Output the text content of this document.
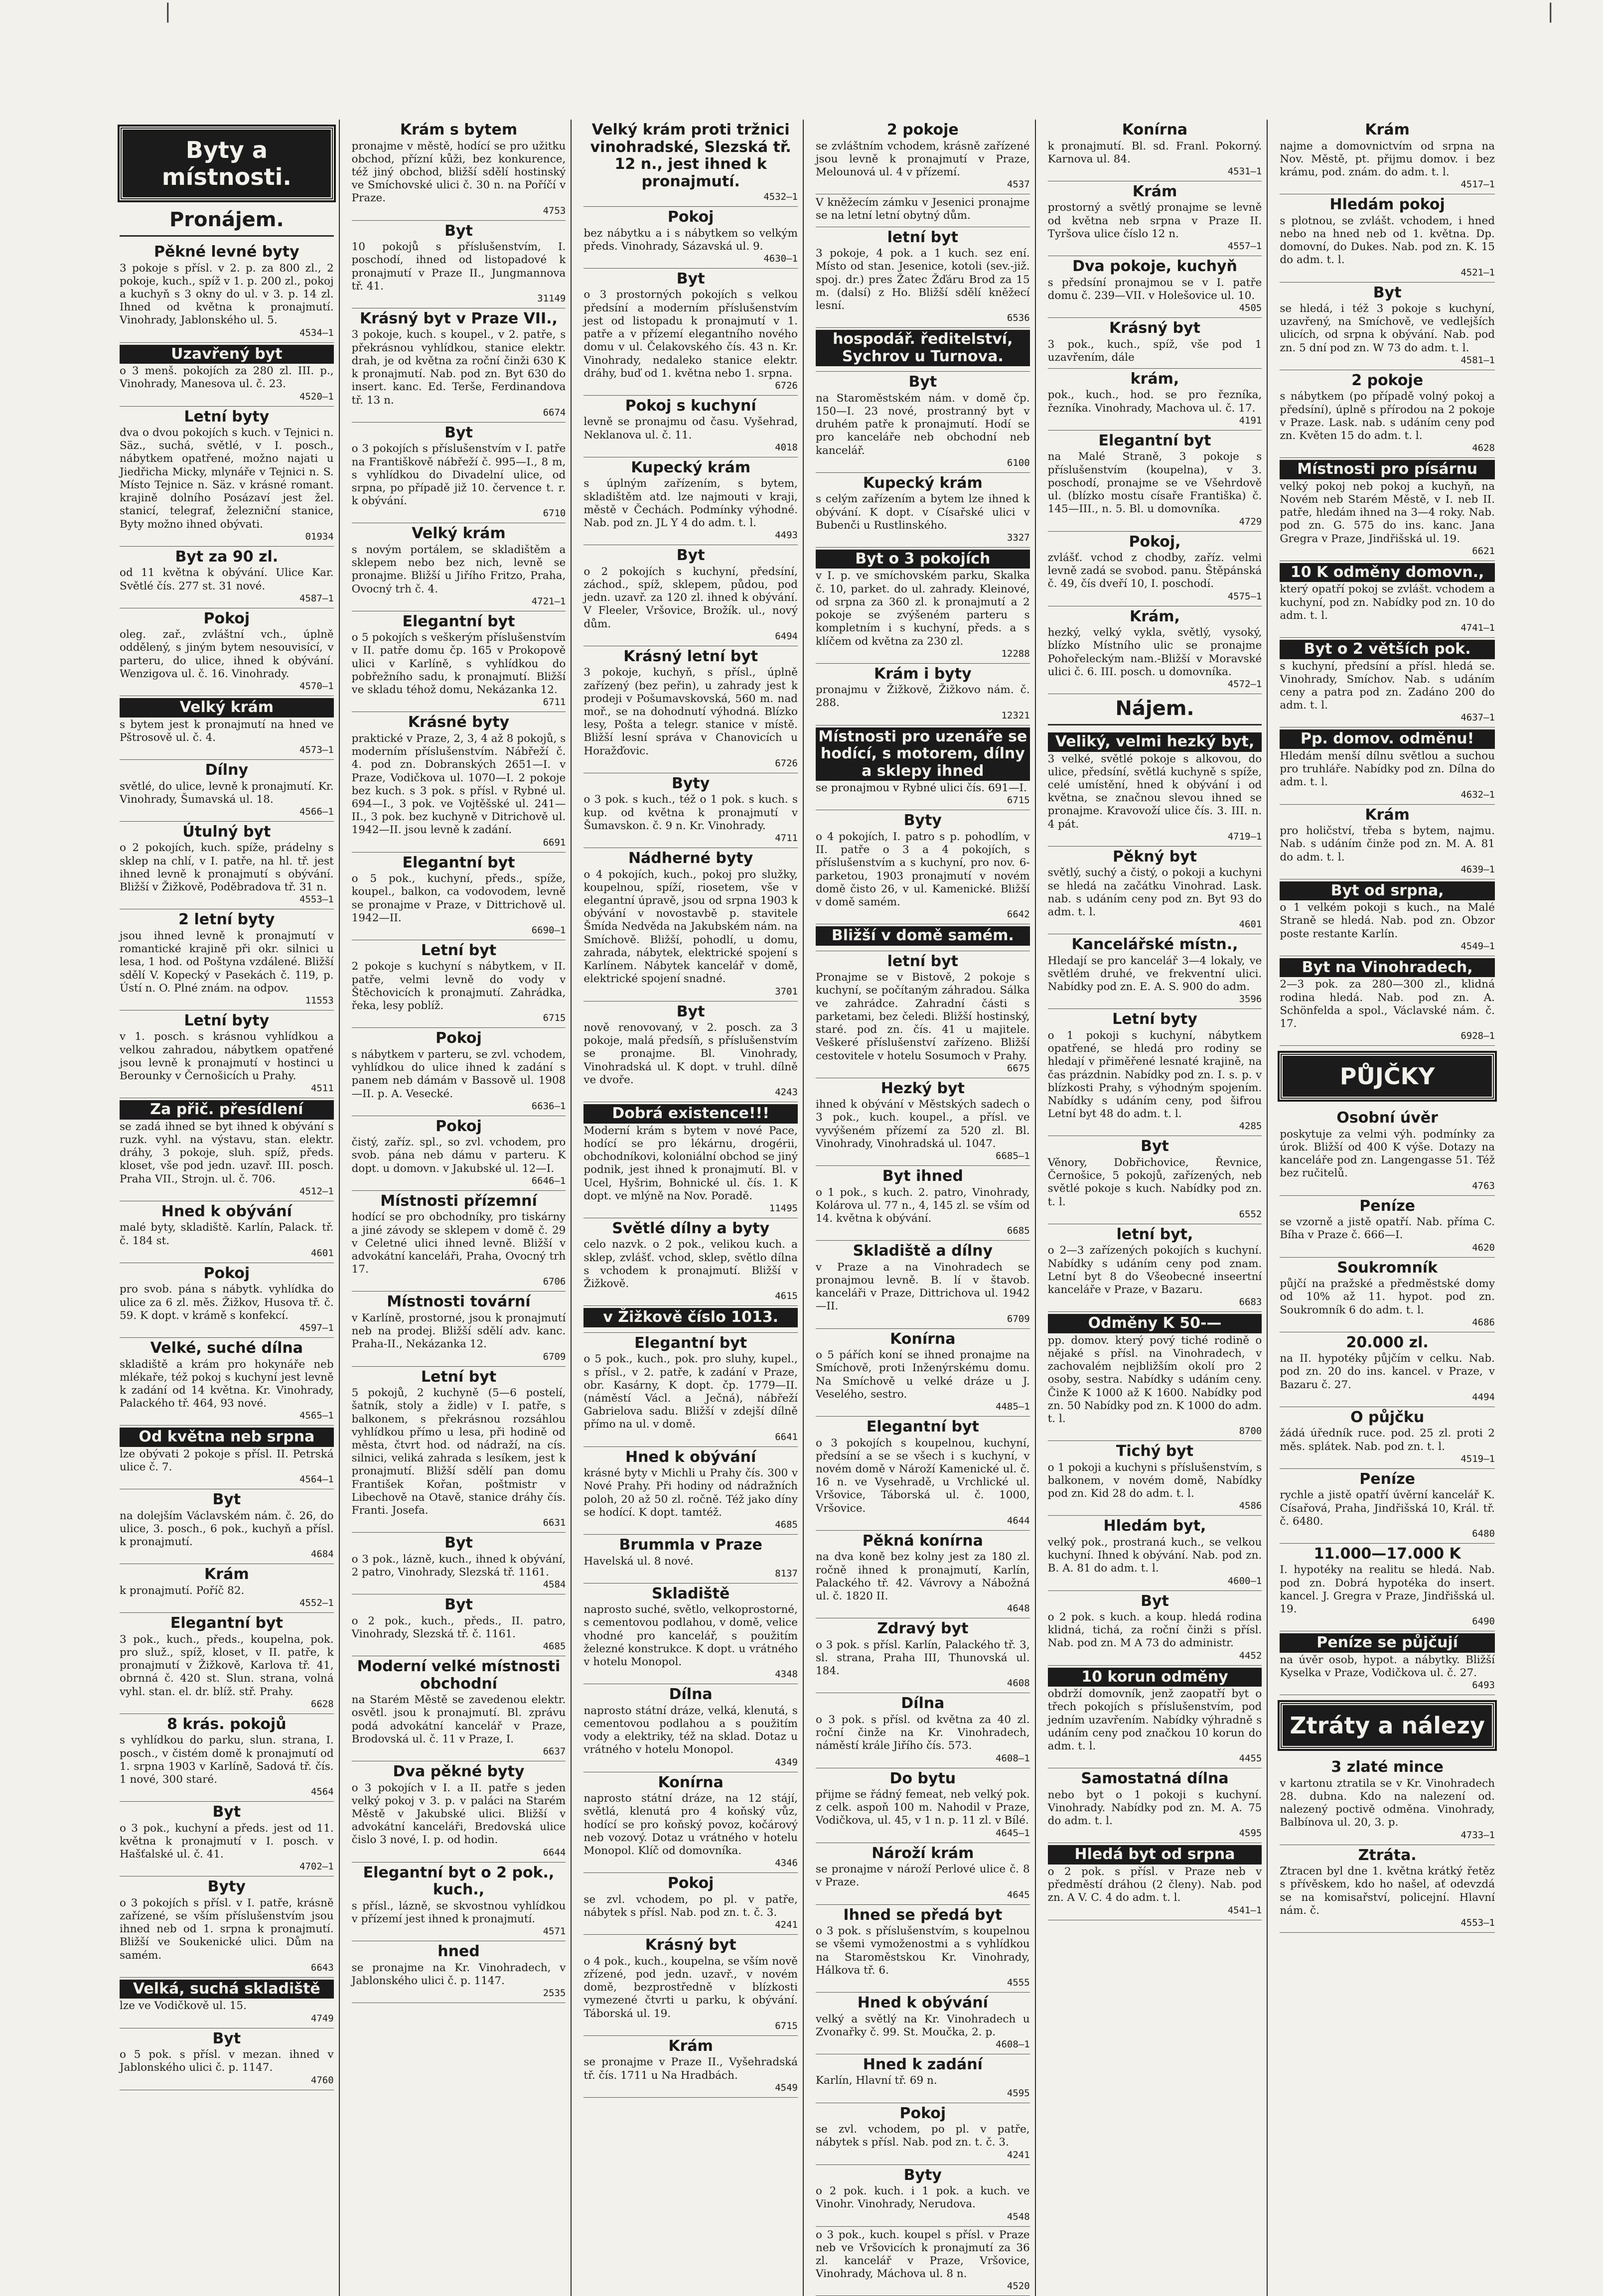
|	|
Byty a místnosti.
Pronájem.
Pěkné levné byty
3 pokoje s přísl. v 2. p. za 800 zl., 2 pokoje, kuch., spíž v 1. p. 200 zl., pokoj a kuchyň s 3 okny do ul. v 3. p. 14 zl. Ihned od května k pronajmutí. Vinohrady, Jablonského ul. 5.
4534—1
Uzavřený byt
o 3 menš. pokojích za 280 zl. III. p., Vinohrady, Manesova ul. č. 23.
4520—1
Letní byty
dva o dvou pokojích s kuch. v Tejnici n. Säz., suchá, světlé, v I. posch., nábytkem opatřené, možno najati u Jiedřicha Micky, mlynáře v Tejnici n. S. Místo Tejnice n. Säz. v krásné romant. krajině dolního Posázaví jest žel. stanicí, telegraf, železniční stanice, Byty možno ihned obývati.
01934
Byt za 90 zl.
od 11 května k obývání. Ulice Kar. Světlé čís. 277 st. 31 nové.
4587—1
Pokoj
oleg. zař., zvláštní vch., úplně oddělený, s jiným bytem nesouvisící, v parteru, do ulice, ihned k obývání. Wenzigova ul. č. 16. Vinohrady.
4570—1
Velký krám
s bytem jest k pronajmutí na hned ve Pštrosově ul. č. 4.
4573—1
Dílny
světlé, do ulice, levně k pronajmutí. Kr. Vinohrady, Šumavská ul. 18.
4566—1
Útulný byt
o 2 pokojích, kuch. spíže, prádelny s sklep na chlí, v I. patře, na hl. tř. jest ihned levně k pronajmutí s obývání. Bližší v Žižkově, Poděbradova tř. 31 n.
4553—1
2 letní byty
jsou ihned levně k pronajmutí v romantické krajině při okr. silnici u lesa, 1 hod. od Poštyna vzdálené. Bližší sdělí V. Kopecký v Pasekách č. 119, p. Ústí n. O. Plné znám. na odpov.
11553
Letní byty
v 1. posch. s krásnou vyhlídkou a velkou zahradou, nábytkem opatřené jsou levně k pronajmutí v hostinci u Berounky v Černošicích u Prahy.
4511
Za přič. přesídlení
se zadá ihned se byt ihned k obývání s ruzk. vyhl. na výstavu, stan. elektr. dráhy, 3 pokoje, sluh. spíž, předs. kloset, vše pod jedn. uzavř. III. posch. Praha VII., Strojn. ul. č. 706.
4512—1
Hned k obývání
malé byty, skladiště. Karlín, Palack. tř. č. 184 st.
4601
Pokoj
pro svob. pána s nábytk. vyhlídka do ulice za 6 zl. měs. Žižkov, Husova tř. č. 59. K dopt. v krámě s konfekcí.
4597—1
Velké, suché dílna
skladiště a krám pro hokynáře neb mlékaře, též pokoj s kuchyní jest levně k zadání od 14 května. Kr. Vinohrady, Palackého tř. 464, 93 nové.
4565—1
Od května neb srpna
lze obývati 2 pokoje s přísl. II. Petrská ulice č. 7.
4564—1
Byt
na dolejším Václavském nám. č. 26, do ulice, 3. posch., 6 pok., kuchyň a přísl. k pronajmutí.
4684
Krám
k pronajmutí. Poříč 82.
4552—1
Elegantní byt
3 pok., kuch., předs., koupelna, pok. pro služ., spíž, kloset, v II. patře, k pronajmutí v Žižkově, Karlova tř. 41, obrnná č. 420 st. Slun. strana, volná vyhl. stan. el. dr. blíž. stř. Prahy.
6628
8 krás. pokojů
s vyhlídkou do parku, slun. strana, I. posch., v čistém domě k pronajmutí od 1. srpna 1903 v Karlíně, Sadová tř. čís. 1 nové, 300 staré.
4564
Byt
o 3 pok., kuchyní a předs. jest od 11. května k pronajmutí v I. posch. v Hašťalské ul. č. 41.
4702—1
Byty
o 3 pokojích s přísl. v I. patře, krásně zařízené, se vším příslušenstvím jsou ihned neb od 1. srpna k pronajmutí. Bližší ve Soukenické ulici. Dům na samém.
6643
Velká, suchá skladiště
lze ve Vodičkově ul. 15.
4749
Byt
o 5 pok. s přísl. v mezan. ihned v Jablonského ulici č. p. 1147.
4760
Krám s bytem
pronajme v městě, hodící se pro užitku obchod, přízní kůži, bez konkurence, též jiný obchod, bližší sdělí hostinský ve Smíchovské ulici č. 30 n. na Poříčí v Praze.
4753
Byt
10 pokojů s příslušenstvím, I. poschodí, ihned od listopadové k pronajmutí v Praze II., Jungmannova tř. 41.
31149
Krásný byt v Praze VII.,
3 pokoje, kuch. s koupel., v 2. patře, s překrásnou vyhlídkou, stanice elektr. drah, je od května za roční činži 630 K k pronajmutí. Nab. pod zn. Byt 630 do insert. kanc. Ed. Terše, Ferdinandova tř. 13 n.
6674
Byt
o 3 pokojích s příslušenstvím v I. patře na Františkově nábřeží č. 995—I., 8 m, s vyhlídkou do Divadelní ulice, od srpna, po případě již 10. července t. r. k obývání.
6710
Velký krám
s novým portálem, se skladištěm a sklepem nebo bez nich, levně se pronajme. Bližší u Jiřího Fritzo, Praha, Ovocný trh č. 4.
4721—1
Elegantní byt
o 5 pokojích s veškerým příslušenstvím v II. patře domu čp. 165 v Prokopově ulici v Karlíně, s vyhlídkou do pobřežního sadu, k pronajmutí. Bližší ve skladu téhož domu, Nekázanka 12.
6711
Krásné byty
praktické v Praze, 2, 3, 4 až 8 pokojů, s moderním příslušenstvím. Nábřeží č. 4. pod zn. Dobranských 2651—I. v Praze, Vodičkova ul. 1070—I. 2 pokoje bez kuch. s 3 pok. s přísl. v Rybné ul. 694—I., 3 pok. ve Vojtěšské ul. 241—II., 3 pok. bez kuchyně v Ditrichově ul. 1942—II. jsou levně k zadání.
6691
Elegantní byt
o 5 pok., kuchyní, předs., spíže, koupel., balkon, ca vodovodem, levně se pronajme v Praze, v Dittrichově ul. 1942—II.
6690—1
Letní byt
2 pokoje s kuchyní s nábytkem, v II. patře, velmi levně do vody v Štěchovicích k pronajmutí. Zahrádka, řeka, lesy poblíž.
6715
Pokoj
s nábytkem v parteru, se zvl. vchodem, vyhlídkou do ulice ihned k zadání s panem neb dámám v Bassově ul. 1908—II. p. A. Vesecké.
6636—1
Pokoj
čistý, zaříz. spl., so zvl. vchodem, pro svob. pána neb dámu v parteru. K dopt. u domovn. v Jakubské ul. 12—I.
6646—1
Místnosti přízemní
hodící se pro obchodníky, pro tiskárny a jiné závody se sklepem v domě č. 29 v Celetné ulici ihned levně. Bližší v advokátní kanceláři, Praha, Ovocný trh 17.
6706
Místnosti tovární
v Karlíně, prostorné, jsou k pronajmutí neb na prodej. Bližší sdělí adv. kanc. Praha-II., Nekázanka 12.
6709
Letní byt
5 pokojů, 2 kuchyně (5—6 postelí, šatník, stoly a židle) v I. patře, s balkonem, s překrásnou rozsáhlou vyhlídkou přímo u lesa, při hodině od města, čtvrt hod. od nádraží, na cís. silnici, veliká zahrada s lesíkem, jest k pronajmutí. Bližší sdělí pan domu František Kořan, poštmistr v Libechově na Otavě, stanice dráhy čís. Franti. Josefa.
6631
Byt
o 3 pok., lázně, kuch., ihned k obývání, 2 patro, Vinohrady, Slezská tř. 1161.
4584
Byt
o 2 pok., kuch., předs., II. patro, Vinohrady, Slezská tř. č. 1161.
4685
Moderní velké místnosti obchodní
na Starém Městě se zavedenou elektr. osvětl. jsou k pronajmutí. Bl. zprávu podá advokátní kancelář v Praze, Brodovská ul. č. 11 v Praze, I.
6637
Dva pěkné byty
o 3 pokojích v I. a II. patře s jeden velký pokoj v 3. p. v paláci na Starém Městě v Jakubské ulici. Bližší v advokátní kanceláři, Bredovská ulice čislo 3 nové, I. p. od hodin.
6644
Elegantní byt o 2 pok., kuch.,
s přísl., lázně, se skvostnou vyhlídkou v přízemí jest ihned k pronajmutí.
4571
hned
se pronajme na Kr. Vinohradech, v Jablonského ulici č. p. 1147.
2535
Velký krám proti tržnici vinohradské, Slezská tř. 12 n., jest ihned k pronajmutí.
4532—1
Pokoj
bez nábytku a i s nábytkem so velkým předs. Vinohrady, Sázavská ul. 9.
4630—1
Byt
o 3 prostorných pokojích s velkou předsíní a moderním příslušenstvím jest od listopadu k pronajmutí v 1. patře a v přízemí elegantního nového domu v ul. Čelakovského čís. 43 n. Kr. Vinohrady, nedaleko stanice elektr. dráhy, buď od 1. května nebo 1. srpna.
6726
Pokoj s kuchyní
levně se pronajmu od času. Vyšehrad, Neklanova ul. č. 11.
4018
Kupecký krám
s úplným zařízením, s bytem, skladištěm atd. lze najmouti v kraji, městě v Čechách. Podmínky výhodné. Nab. pod zn. JL Y 4 do adm. t. l.
4493
Byt
o 2 pokojích s kuchyní, předsíní, záchod., spíž, sklepem, půdou, pod jedn. uzavř. za 120 zl. ihned k obývání. V Fleeler, Vršovice, Brožík. ul., nový dům.
6494
Krásný letní byt
3 pokoje, kuchyň, s přísl., úplně zařízený (bez peřin), u zahrady jest k prodeji v Pošumavskovská, 560 m. nad moř., se na dohodnutí výhodná. Blízko lesy, Pošta a telegr. stanice v místě. Bližší lesní správa v Chanovicích u Horažďovic.
6726
Byty
o 3 pok. s kuch., též o 1 pok. s kuch. s kup. od května k pronajmutí v Šumavskon. č. 9 n. Kr. Vinohrady.
4711
Nádherné byty
o 4 pokojích, kuch., pokoj pro služky, koupelnou, spíží, riosetem, vše v elegantní úpravě, jsou od srpna 1903 k obývání v novostavbě p. stavitele Šmída Nedvěda na Jakubském nám. na Smíchově. Bližší, pohodlí, u domu, zahrada, nábytek, elektrické spojení s Karlínem. Nábytek kancelář v domě, elektrické spojení snadné.
3701
Byt
nově renovovaný, v 2. posch. za 3 pokoje, malá předsíň, s příslušenstvím se pronajme. Bl. Vinohrady, Vinohradská ul. K dopt. v truhl. dílně ve dvoře.
4243
Dobrá existence!!!
Moderní krám s bytem v nové Pace, hodící se pro lékárnu, drogérii, obchodníkovi, koloniální obchod se jiný podnik, jest ihned k pronajmutí. Bl. v Ucel, Hyšrim, Bohnické ul. čís. 1. K dopt. ve mlýně na Nov. Poradě.
11495
Světlé dílny a byty
celo nazvk. o 2 pok., velikou kuch. a sklep, zvlášť. vchod, sklep, světlo dílna s vchodem k pronajmutí. Bližší v Žižkově.
4615
v Žižkově číslo 1013.
Elegantní byt
o 5 pok., kuch., pok. pro sluhy, kupel., s přísl., v 2. patře, k zadání v Praze, obr. Kasárny, K dopt. čp. 1779—II. (náměstí Václ. a Ječná), nábřeží Gabrielova sadu. Bližší v zdejší dílně přímo na ul. v domě.
6641
Hned k obývání
krásné byty v Michli u Prahy čís. 300 v Nové Prahy. Při hodiny od nádražních poloh, 20 až 50 zl. ročně. Též jako díny se hodící. K dopt. tamtéž.
4685
Brummla v Praze
Havelská ul. 8 nové.
8137
Skladiště
naprosto suché, světlo, velkoprostorné, s cementovou podlahou, v domě, velice vhodné pro kancelář, s použitím železné konstrukce. K dopt. u vrátného v hotelu Monopol.
4348
Dílna
naprosto státní dráze, velká, klenutá, s cementovou podlahou a s použitím vody a elektriky, též na sklad. Dotaz u vrátného v hotelu Monopol.
4349
Konírna
naprosto státní dráze, na 12 stájí, světlá, klenutá pro 4 koňský vůz, hodící se pro koňský povoz, kočárový neb vozový. Dotaz u vrátného v hotelu Monopol. Klíč od domovníka.
4346
Pokoj
se zvl. vchodem, po pl. v patře, nábytek s přísl. Nab. pod zn. t. č. 3.
4241
Krásný byt
o 4 pok., kuch., koupelna, se vším nově zřízené, pod jedn. uzavř., v novém domě, bezprostředně v blízkosti vymezené čtvrti u parku, k obývání. Táborská ul. 19.
6715
Krám
se pronajme v Praze II., Vyšehradská tř. čís. 1711 u Na Hradbách.
4549
2 pokoje
se zvláštním vchodem, krásně zařízené jsou levně k pronajmutí v Praze, Melounová ul. 4 v přízemí.
4537
V kněžecím zámku v Jesenici pronajme se na letní letní obytný dům.
letní byt
3 pokoje, 4 pok. a 1 kuch. sez ení. Místo od stan. Jesenice, kotoli (sev.-již. spoj. dr.) pres Žatec Žďáru Brod za 15 m. (dalsí) z Ho. Bližší sdělí kněžecí lesní.
6536
hospodář. ředitelství, Sychrov u Turnova.
Byt
na Staroměstském nám. v domě čp. 150—I. 23 nové, prostranný byt v druhém patře k pronajmutí. Hodí se pro kanceláře neb obchodní neb kancelář.
6100
Kupecký krám
s celým zařízením a bytem lze ihned k obývání. K dopt. v Císařské ulici v Bubenči u Rustlinského.
3327
Byt o 3 pokojích
v I. p. ve smíchovském parku, Skalka č. 10, parket. do ul. zahrady. Kleinové, od srpna za 360 zl. k pronajmutí a 2 pokoje se zvýšeném parteru s kompletním i s kuchyní, předs. a s klíčem od května za 230 zl.
12288
Krám i byty
pronajmu v Žižkově, Žižkovo nám. č. 288.
12321
Místnosti pro uzenáře se hodící, s motorem, dílny a sklepy ihned
se pronajmou v Rybné ulici čís. 691—I.
6715
Byty
o 4 pokojích, I. patro s p. pohodlím, v II. patře o 3 a 4 pokojích, s příslušenstvím a s kuchyní, pro nov. 6-parketou, 1903 pronajmutí v novém domě čisto 26, v ul. Kamenické. Bližší v domě samém.
6642
Bližší v domě samém.
letní byt
Pronajme se v Bistově, 2 pokoje s kuchyní, se počítaným záhradou. Sálka ve zahrádce. Zahradní části s parketami, bez čeledi. Bližší hostinský, staré. pod zn. čís. 41 u majitele. Veškeré příslušenství zařízeno. Bližší cestovitele v hotelu Sosumoch v Prahy.
6675
Hezký byt
ihned k obývání v Městských sadech o 3 pok., kuch. koupel., a přísl. ve vyvýšeném přízemí za 520 zl. Bl. Vinohrady, Vinohradská ul. 1047.
6685—1
Byt ihned
o 1 pok., s kuch. 2. patro, Vinohrady, Kolárova ul. 77 n., 4, 145 zl. se vším od 14. května k obývání.
6685
Skladiště a dílny
v Praze a na Vinohradech se pronajmou levně. B. lí v štavob. kanceláři v Praze, Dittrichova ul. 1942—II.
6709
Konírna
o 5 pářích koní se ihned pronajme na Smíchově, proti Inženýrskému domu. Na Smíchově u velké dráze u J. Veselého, sestro.
4485—1
Elegantní byt
o 3 pokojích s koupelnou, kuchyní, předsíní a se se všech i s kuchyní, v novém domě v Nároží Kamenické ul. č. 16 n. ve Vysehradě, u Vrchlické ul. Vršovice, Táborská ul. č. 1000, Vršovice.
4644
Pěkná konírna
na dva koně bez kolny jest za 180 zl. ročně ihned k pronajmutí, Karlín, Palackého tř. 42. Vávrovy a Nábožná ul. č. 1820 II.
4648
Zdravý byt
o 3 pok. s přísl. Karlín, Palackého tř. 3, sl. strana, Praha III, Thunovská ul. 184.
4608
Dílna
o 3 pok. s přísl. od května za 40 zl. roční činže na Kr. Vinohradech, náměstí krále Jiřího čís. 573.
4608—1
Do bytu
přijme se řádný femeat, neb velký pok. z celk. aspoň 100 m. Nahodil v Praze, Vodičkova, ul. 45, v 1 n. p. 11 zl. v Bílé.
4645—1
Nároží krám
se pronajme v nároží Perlové ulice č. 8 v Praze.
4645
Ihned se předá byt
o 3 pok. s příslušenstvím, s koupelnou se všemi vymoženostmi a s vyhlídkou na Staroměstskou Kr. Vinohrady, Hálkova tř. 6.
4555
Hned k obývání
velký a světlý na Kr. Vinohradech u Zvonařky č. 99. St. Moučka, 2. p.
4608—1
Hned k zadání
Karlín, Hlavní tř. 69 n.
4595
Pokoj
se zvl. vchodem, po pl. v patře, nábytek s přísl. Nab. pod zn. t. č. 3.
4241
Byty
o 2 pok. kuch. i 1 pok. a kuch. ve Vinohr. Vinohrady, Nerudova.
4548
o 3 pok., kuch. koupel s přísl. v Praze neb ve Vršovicích k pronajmutí za 36 zl. kancelář v Praze, Vršovice, Vinohrady, Máchova ul. 8 n.
4520
Konírna
k pronajmutí. Bl. sd. Franl. Pokorný. Karnova ul. 84.
4531—1
Krám
prostorný a světlý pronajme se levně od května neb srpna v Praze II. Tyršova ulice číslo 12 n.
4557—1
Dva pokoje, kuchyň
s předsíní pronajmou se v I. patře domu č. 239—VII. v Holešovice ul. 10.
4505
Krásný byt
3 pok., kuch., spíž, vše pod 1 uzavřením, dále
krám,
pok., kuch., hod. se pro řezníka, řezníka. Vinohrady, Machova ul. č. 17.
4191
Elegantní byt
na Malé Straně, 3 pokoje s příslušenstvím (koupelna), v 3. poschodí, pronajme se ve Všehrdově ul. (blízko mostu císaře Františka) č. 145—III., n. 5. Bl. u domovníka.
4729
Pokoj,
zvlášť. vchod z chodby, zaříz. velmi levně zadá se svobod. panu. Štěpánská č. 49, čís dveří 10, I. poschodí.
4575—1
Krám,
hezký, velký vykla, světlý, vysoký, blízko Místního ulic se pronajme Pohořeleckým nam.-Bližší v Moravské ulici č. 6. III. posch. u domovníka.
4572—1
Nájem.
Veliký, velmi hezký byt,
3 velké, světlé pokoje s alkovou, do ulice, předsíní, světlá kuchyně s spíže, celé umístění, hned k obývání i od května, se značnou slevou ihned se pronajme. Kravovoží ulice čís. 3. III. n. 4 pát.
4719—1
Pěkný byt
světlý, suchý a čistý, o pokoji a kuchyni se hledá na začátku Vinohrad. Lask. nab. s udáním ceny pod zn. Byt 93 do adm. t. l.
4601
Kancelářské místn.,
Hledají se pro kancelář 3—4 lokaly, ve světlém druhé, ve frekventní ulici. Nabídky pod zn. E. A. S. 900 do adm.
3596
Letní byty
o 1 pokoji s kuchyní, nábytkem opatřené, se hledá pro rodiny se hledají v přiměřené lesnaté krajině, na čas prázdnin. Nabídky pod zn. I. s. p. v blízkosti Prahy, s výhodným spojením. Nabídky s udáním ceny, pod šifrou Letní byt 48 do adm. t. l.
4285
Byt
Věnory, Dobřichovice, Řevnice, Černošice, 5 pokojů, zařízených, neb světlé pokoje s kuch. Nabídky pod zn. t. l.
6552
letní byt,
o 2—3 zařízených pokojích s kuchyní. Nabídky s udáním ceny pod znam. Letní byt 8 do Všeobecné inseertní kanceláře v Praze, v Bazaru.
6683
Odměny K 50-—
pp. domov. který pový tiché rodině o nějaké s přísl. na Vinohradech, v zachovalém nejbližším okolí pro 2 osoby, sestra. Nabídky s udáním ceny. Činže K 1000 až K 1600. Nabídky pod zn. 50 Nabídky pod zn. K 1000 do adm. t. l.
8700
Tichý byt
o 1 pokoji a kuchyni s příslušenstvím, s balkonem, v novém domě, Nabídky pod zn. Kid 28 do adm. t. l.
4586
Hledám byt,
velký pok., prostraná kuch., se velkou kuchyní. Ihned k obývání. Nab. pod zn. B. A. 81 do adm. t. l.
4600—1
Byt
o 2 pok. s kuch. a koup. hledá rodina klidná, tichá, za roční činži s přísl. Nab. pod zn. M A 73 do administr.
4452
10 korun odměny
obdrží domovník, jenž zaopatří byt o třech pokojích s příslušenstvím, pod jedním uzavřením. Nabídky výhradně s udáním ceny pod značkou 10 korun do adm. t. l.
4455
Samostatná dílna
nebo byt o 1 pokoji s kuchyní. Vinohrady. Nabídky pod zn. M. A. 75 do adm. t. l.
4595
Hledá byt od srpna
o 2 pok. s přísl. v Praze neb v předměstí dráhou (2 členy). Nab. pod zn. A V. C. 4 do adm. t. l.
4541—1
Krám
najme a domovnictvím od srpna na Nov. Městě, pt. přijmu domov. i bez krámu, pod. znám. do adm. t. l.
4517—1
Hledám pokoj
s plotnou, se zvlášt. vchodem, i hned nebo na hned neb od 1. května. Dp. domovní, do Dukes. Nab. pod zn. K. 15 do adm. t. l.
4521—1
Byt
se hledá, i též 3 pokoje s kuchyní, uzavřený, na Smíchově, ve vedlejších ulicích, od srpna k obývání. Nab. pod zn. 5 dní pod zn. W 73 do adm. t. l.
4581—1
2 pokoje
s nábytkem (po případě volný pokoj a předsíní), úplně s přírodou na 2 pokoje v Praze. Lask. nab. s udáním ceny pod zn. Květen 15 do adm. t. l.
4628
Místnosti pro písárnu
velký pokoj neb pokoj a kuchyň, na Novém neb Starém Městě, v I. neb II. patře, hledám ihned na 3—4 roky. Nab. pod zn. G. 575 do ins. kanc. Jana Gregra v Praze, Jindřišská ul. 19.
6621
10 K odměny domovn.,
který opatří pokoj se zvlášt. vchodem a kuchyní, pod zn. Nabídky pod zn. 10 do adm. t. l.
4741—1
Byt o 2 větších pok.
s kuchyní, předsíní a přísl. hledá se. Vinohrady, Smíchov. Nab. s udáním ceny a patra pod zn. Zadáno 200 do adm. t. l.
4637—1
Pp. domov. odměnu!
Hledám menší dílnu světlou a suchou pro truhláře. Nabídky pod zn. Dílna do adm. t. l.
4632—1
Krám
pro holičství, třeba s bytem, najmu. Nab. s udáním činže pod zn. M. A. 81 do adm. t. l.
4639—1
Byt od srpna,
o 1 velkém pokoji s kuch., na Malé Straně se hledá. Nab. pod zn. Obzor poste restante Karlín.
4549—1
Byt na Vinohradech,
2—3 pok. za 280—300 zl., klidná rodina hledá. Nab. pod zn. A. Schönfelda a spol., Václavské nám. č. 17.
6928—1
PŮJČKY
Osobní úvěr
poskytuje za velmi výh. podmínky za úrok. Bližší od 400 K výše. Dotazy na kanceláře pod zn. Langengasse 51. Též bez ručitelů.
4763
Peníze
se vzorně a jistě opatří. Nab. příma C. Bíha v Praze č. 666—I.
4620
Soukromník
půjčí na pražské a předměstské domy od 10% až 11. hypot. pod zn. Soukromník 6 do adm. t. l.
4686
20.000 zl.
na II. hypotéky půjčím v celku. Nab. pod zn. 20 do ins. kancel. v Praze, v Bazaru č. 27.
4494
O půjčku
žádá úředník ruce. pod. 25 zl. proti 2 měs. splátek. Nab. pod zn. t. l.
4519—1
Peníze
rychle a jistě opatří úvěrní kancelář K. Císařová, Praha, Jindřišská 10, Král. tř. č. 6480.
6480
11.000—17.000 K
I. hypotéky na realitu se hledá. Nab. pod zn. Dobrá hypotéka do insert. kancel. J. Gregra v Praze, Jindřišská ul. 19.
6490
Peníze se půjčují
na úvěr osob, hypot. a nábytky. Bližší Kyselka v Praze, Vodičkova ul. č. 27.
6493
Ztráty a nálezy
3 zlaté mince
v kartonu ztratila se v Kr. Vinohradech 28. dubna. Kdo na nalezení od. nalezený poctivě odměna. Vinohrady, Balbínova ul. 20, 3. p.
4733—1
Ztráta.
Ztracen byl dne 1. května krátký řetěz s přívěskem, kdo ho našel, ať odevzdá se na komisařství, policejní. Hlavní nám. č.
4553—1
